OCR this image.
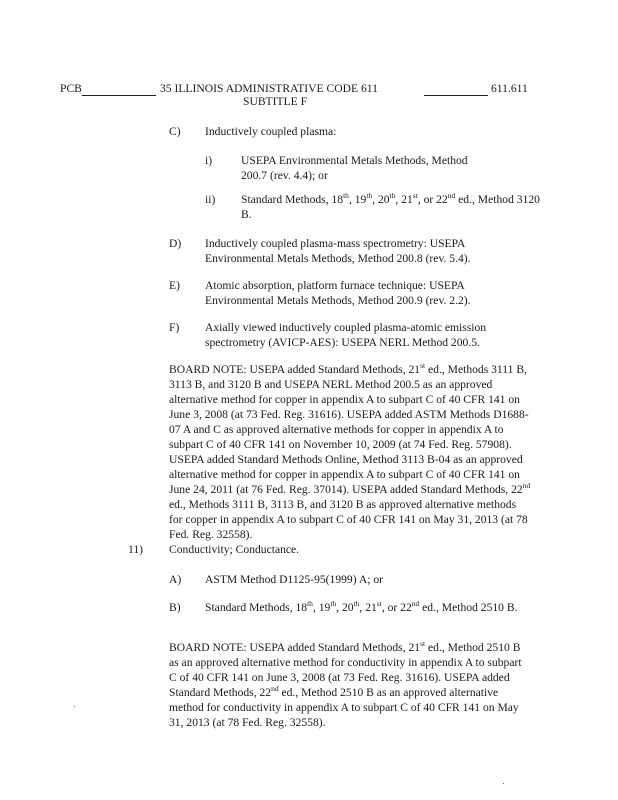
PCB	35 ILLINOIS ADMINISTRATIVE CODE 611
SUBTITLE F
611.611
C)	Inductively coupled plasma:
i)	USEPA Environmental Metals Methods, Method 200.7 (rev. 4.4); or
ii)	Standard Methods, 18th, 19th, 20th, 21st, or 22nd ed., Method 3120 B.
D)	Inductively coupled plasma-mass spectrometry: USEPA Environmental Metals Methods, Method 200.8 (rev. 5.4).
E)	Atomic absorption, platform furnace technique: USEPA Environmental Metals Methods, Method 200.9 (rev. 2.2).
F)	Axially viewed inductively coupled plasma-atomic emission spectrometry (AVICP-AES): USEPA NERL Method 200.5.
BOARD NOTE: USEPA added Standard Methods, 21st ed., Methods 3111 B, 3113 B, and 3120 B and USEPA NERL Method 200.5 as an approved alternative method for copper in appendix A to subpart C of 40 CFR 141 on June 3, 2008 (at 73 Fed. Reg. 31616). USEPA added ASTM Methods D1688-07 A and C as approved alternative methods for copper in appendix A to subpart C of 40 CFR 141 on November 10, 2009 (at 74 Fed. Reg. 57908). USEPA added Standard Methods Online, Method 3113 B-04 as an approved alternative method for copper in appendix A to subpart C of 40 CFR 141 on June 24, 2011 (at 76 Fed. Reg. 37014). USEPA added Standard Methods, 22nd ed., Methods 3111 B, 3113 B, and 3120 B as approved alternative methods for copper in appendix A to subpart C of 40 CFR 141 on May 31, 2013 (at 78 Fed. Reg. 32558).
11)	Conductivity; Conductance.
A)	ASTM Method D1125-95(1999) A; or
B)	Standard Methods, 18th, 19th, 20th, 21st, or 22nd ed., Method 2510 B.
BOARD NOTE: USEPA added Standard Methods, 21st ed., Method 2510 B as an approved alternative method for conductivity in appendix A to subpart C of 40 CFR 141 on June 3, 2008 (at 73 Fed. Reg. 31616). USEPA added Standard Methods, 22nd ed., Method 2510 B as an approved alternative method for conductivity in appendix A to subpart C of 40 CFR 141 on May 31, 2013 (at 78 Fed. Reg. 32558).
